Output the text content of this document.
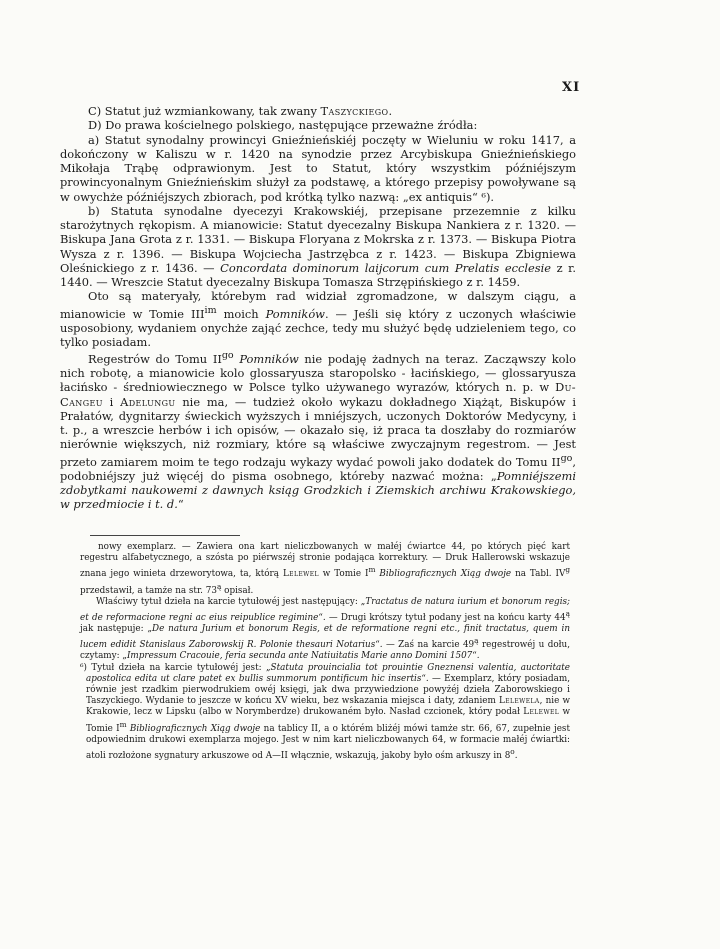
XI

C) Statut już wzmiankowany, tak zwany Taszyckiego.

D) Do prawa kościelnego polskiego, następujące przeważne źródła:

a) Statut synodalny prowincyi Gnieźnieńskiéj poczęty w Wieluniu w roku 1417, a dokończony w Kaliszu w r. 1420 na synodzie przez Arcybiskupa Gnieźnieńskiego Mikołaja Trąbę odprawionym. Jest to Statut, który wszystkim późniéjszym prowincyonalnym Gnieźnieńskim służył za podstawę, a którego przepisy powoływane są w owychże późniéjszych zbiorach, pod krótką tylko nazwą: „ex antiquis“ ⁶).

b) Statuta synodalne dyecezyi Krakowskiéj, przepisane przezemnie z kilku starożytnych rękopism. A mianowicie: Statut dyecezalny Biskupa Nankiera z r. 1320. — Biskupa Jana Grota z r. 1331. — Biskupa Floryana z Mokrska z r. 1373. — Biskupa Piotra Wysza z r. 1396. — Biskupa Wojciecha Jastrzębca z r. 1423. — Biskupa Zbigniewa Oleśnickiego z r. 1436. — Concordata dominorum laijcorum cum Prelatis ecclesie z r. 1440. — Wreszcie Statut dyecezalny Biskupa Tomasza Strzępińskiego z r. 1459.

Oto są materyały, którebym rad widział zgromadzone, w dalszym ciągu, a mianowicie w Tomie $III^{im}$ moich Pomników. — Jeśli się który z uczonych właściwie usposobiony, wydaniem onychże zająć zechce, tedy mu służyć będę udzieleniem tego, co tylko posiadam.

Regestrów do Tomu $II^{go}$ Pomników nie podaję żadnych na teraz. Zacząwszy kolo nich robotę, a mianowicie kolo glossaryusza staropolsko - łacińskiego, — glossaryusza łacińsko - średniowiecznego w Polsce tylko używanego wyrazów, których n. p. w Du-Cangeu i Adelungu nie ma, — tudzież około wykazu dokładnego Xiążąt, Biskupów i Prałatów, dygnitarzy świeckich wyższych i mniéjszych, uczonych Doktorów Medycyny, i t. p., a wreszcie herbów i ich opisów, — okazało się, iż praca ta doszłaby do rozmiarów nierównie większych, niż rozmiary, które są właściwe zwyczajnym regestrom. — Jest przeto zamiarem moim te tego rodzaju wykazy wydać powoli jako dodatek do Tomu $II^{go}$, podobniéjszy już więcéj do pisma osobnego, któreby nazwać można: „Pomniéjszemi zdobytkami naukowemi z dawnych ksiąg Grodzkich i Ziemskich archiwu Krakowskiego, w przedmiocie i t. d.“

nowy exemplarz. — Zawiera ona kart nieliczbowanych w małéj ćwiartce 44, po których pięć kart regestru alfabetycznego, a szósta po piérwszéj stronie podająca korrektury. — Druk Hallerowski wskazuje znana jego winieta drzeworytowa, ta, którą Lelewel w Tomie $I^m$ Bibliograficznych Xiąg dwoje na Tabl. $IV^g$ przedstawił, a tamże na str. $73^ą$ opisał.

Właściwy tytuł dzieła na karcie tytułowéj jest następujący: „Tractatus de natura iurium et bonorum regis; et de reformacione regni ac eius reipublice regimine“. — Drugi krótszy tytuł podany jest na końcu karty $44^ą$ jak następuje: „De natura Jurium et bonorum Regis, et de reformatione regni etc., finit tractatus, quem in lucem edidit Stanislaus Zaborowskij R. Polonie thesauri Notarius“. — Zaś na karcie $49^ą$ regestrowéj u dołu, czytamy: „Impressum Cracouie, feria secunda ante Natiuitatis Marie anno Domini 1507“.

⁶) Tytuł dzieła na karcie tytułowéj jest: „Statuta prouincialia tot prouintie Gneznensi valentia, auctoritate apostolica edita ut clare patet ex bullis summorum pontificum hic insertis“. — Exemplarz, który posiadam, równie jest rzadkim pierwodrukiem owéj księgi, jak dwa przywiedzione powyżéj dzieła Zaborowskiego i Taszyckiego. Wydanie to jeszcze w końcu XV wieku, bez wskazania miejsca i daty, zdaniem Lelewela, nie w Krakowie, lecz w Lipsku (albo w Norymberdze) drukowaném było. Nasład czcionek, który podał Lelewel w Tomie $I^m$ Bibliograficznych Xiąg dwoje na tablicy II, a o którém bliżéj mówi tamże str. 66, 67, zupełnie jest odpowiednim drukowi exemplarza mojego. Jest w nim kart nieliczbowanych 64, w formacie małéj ćwiartki: atoli rozłożone sygnatury arkuszowe od A—II włącznie, wskazują, jakoby było ośm arkuszy in 8$^o$.
